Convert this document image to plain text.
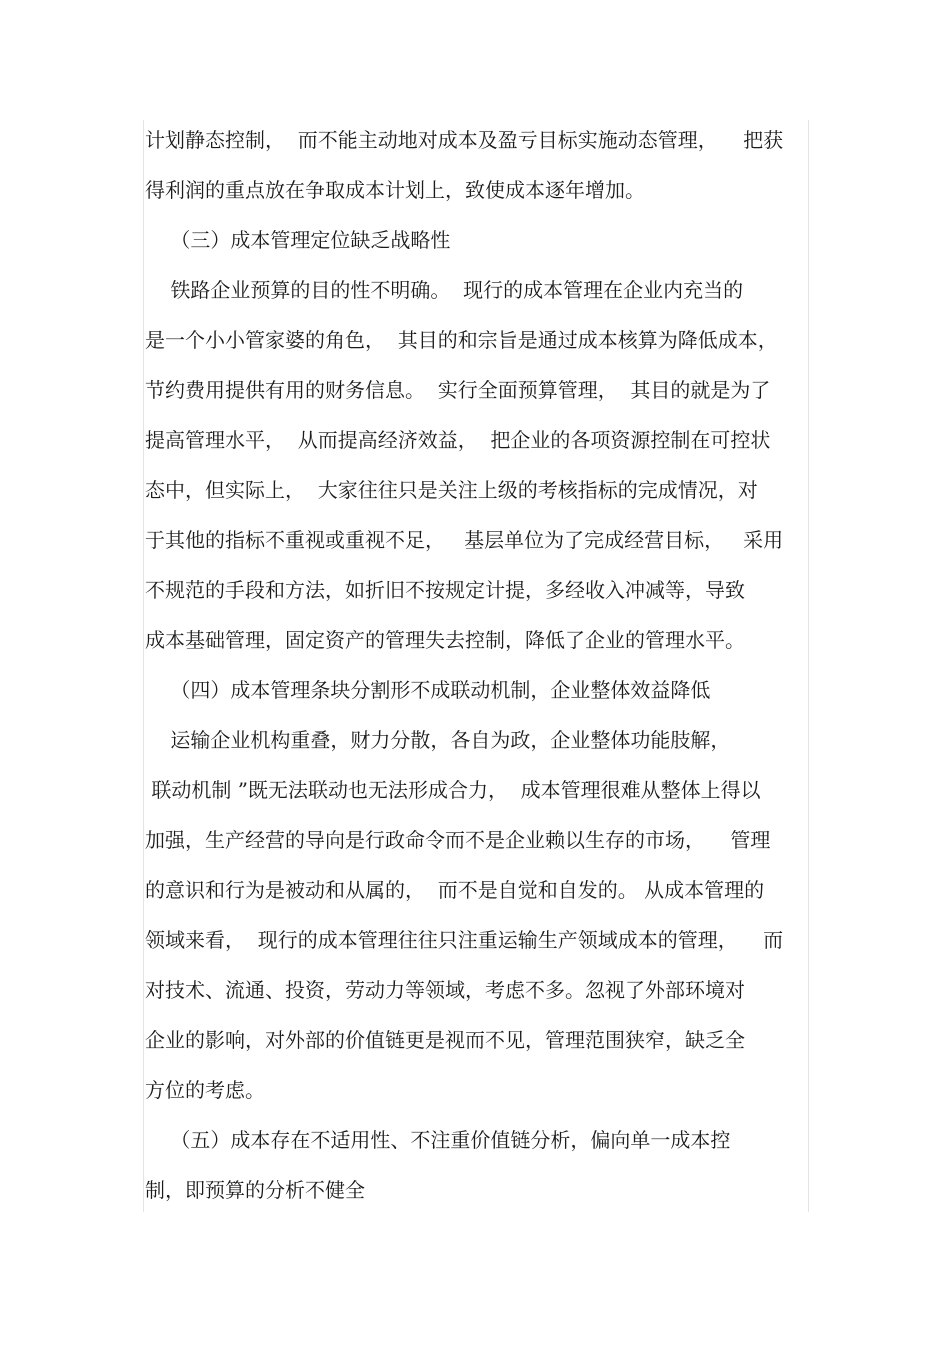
计划静态控制，  而不能主动地对成本及盈亏目标实施动态管理，    把获
得利润的重点放在争取成本计划上，致使成本逐年增加。
（三）成本管理定位缺乏战略性
铁路企业预算的目的性不明确。  现行的成本管理在企业内充当的
是一个小小管家婆的角色，  其目的和宗旨是通过成本核算为降低成本，
节约费用提供有用的财务信息。  实行全面预算管理，  其目的就是为了
提高管理水平，  从而提高经济效益，  把企业的各项资源控制在可控状
态中，但实际上，  大家往往只是关注上级的考核指标的完成情况，对
于其他的指标不重视或重视不足，   基层单位为了完成经营目标，   采用
不规范的手段和方法，如折旧不按规定计提，多经收入冲减等，导致
成本基础管理，固定资产的管理失去控制，降低了企业的管理水平。
（四）成本管理条块分割形不成联动机制，企业整体效益降低
运输企业机构重叠，财力分散，各自为政，企业整体功能肢解，
联动机制 ”既无法联动也无法形成合力，  成本管理很难从整体上得以
加强，生产经营的导向是行政命令而不是企业赖以生存的市场，    管理
的意识和行为是被动和从属的，  而不是自觉和自发的。 从成本管理的
领域来看，  现行的成本管理往往只注重运输生产领域成本的管理，    而
对技术、流通、投资，劳动力等领域，考虑不多。忽视了外部环境对
企业的影响，对外部的价值链更是视而不见，管理范围狭窄，缺乏全
方位的考虑。
（五）成本存在不适用性、不注重价值链分析，偏向单一成本控
制，即预算的分析不健全
